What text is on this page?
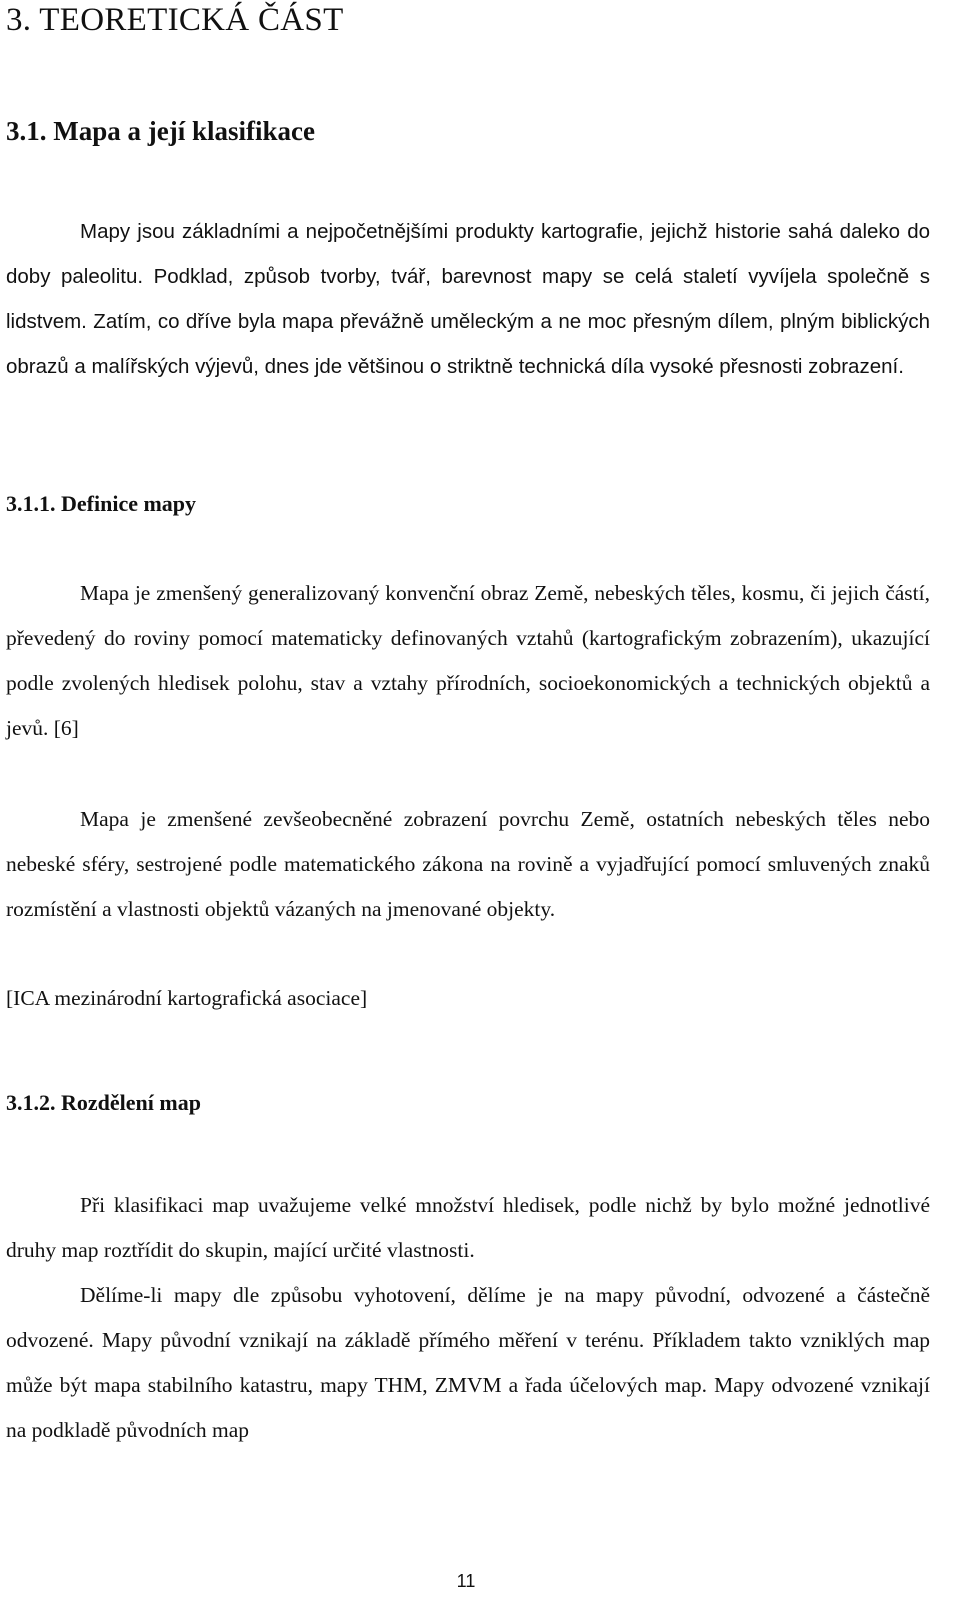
3. TEORETICKÁ ČÁST
3.1. Mapa a její klasifikace

Mapy jsou základními a nejpočetnějšími produkty kartografie, jejichž historie sahá daleko do doby paleolitu. Podklad, způsob tvorby, tvář, barevnost mapy se celá staletí vyvíjela společně s lidstvem. Zatím, co dříve byla mapa převážně uměleckým a ne moc přesným dílem, plným biblických obrazů a malířských výjevů, dnes jde většinou o striktně technická díla vysoké přesnosti zobrazení.

3.1.1. Definice mapy

Mapa je zmenšený generalizovaný konvenční obraz Země, nebeských těles, kosmu, či jejich částí, převedený do roviny pomocí matematicky definovaných vztahů (kartografickým zobrazením), ukazující podle zvolených hledisek polohu, stav a vztahy přírodních, socioekonomických a technických objektů a jevů. [6]

Mapa je zmenšené zevšeobecněné zobrazení povrchu Země, ostatních nebeských těles nebo nebeské sféry, sestrojené podle matematického zákona na rovině a vyjadřující pomocí smluvených znaků rozmístění a vlastnosti objektů vázaných na jmenované objekty.

[ICA mezinárodní kartografická asociace]

3.1.2. Rozdělení map

Při klasifikaci map uvažujeme velké množství hledisek, podle nichž by bylo možné jednotlivé druhy map roztřídit do skupin, mající určité vlastnosti.

Dělíme-li mapy dle způsobu vyhotovení, dělíme je na mapy původní, odvozené a částečně odvozené. Mapy původní vznikají na základě přímého měření v terénu. Příkladem takto vzniklých map může být mapa stabilního katastru, mapy THM, ZMVM a řada účelových map. Mapy odvozené vznikají na podkladě původních map

11
